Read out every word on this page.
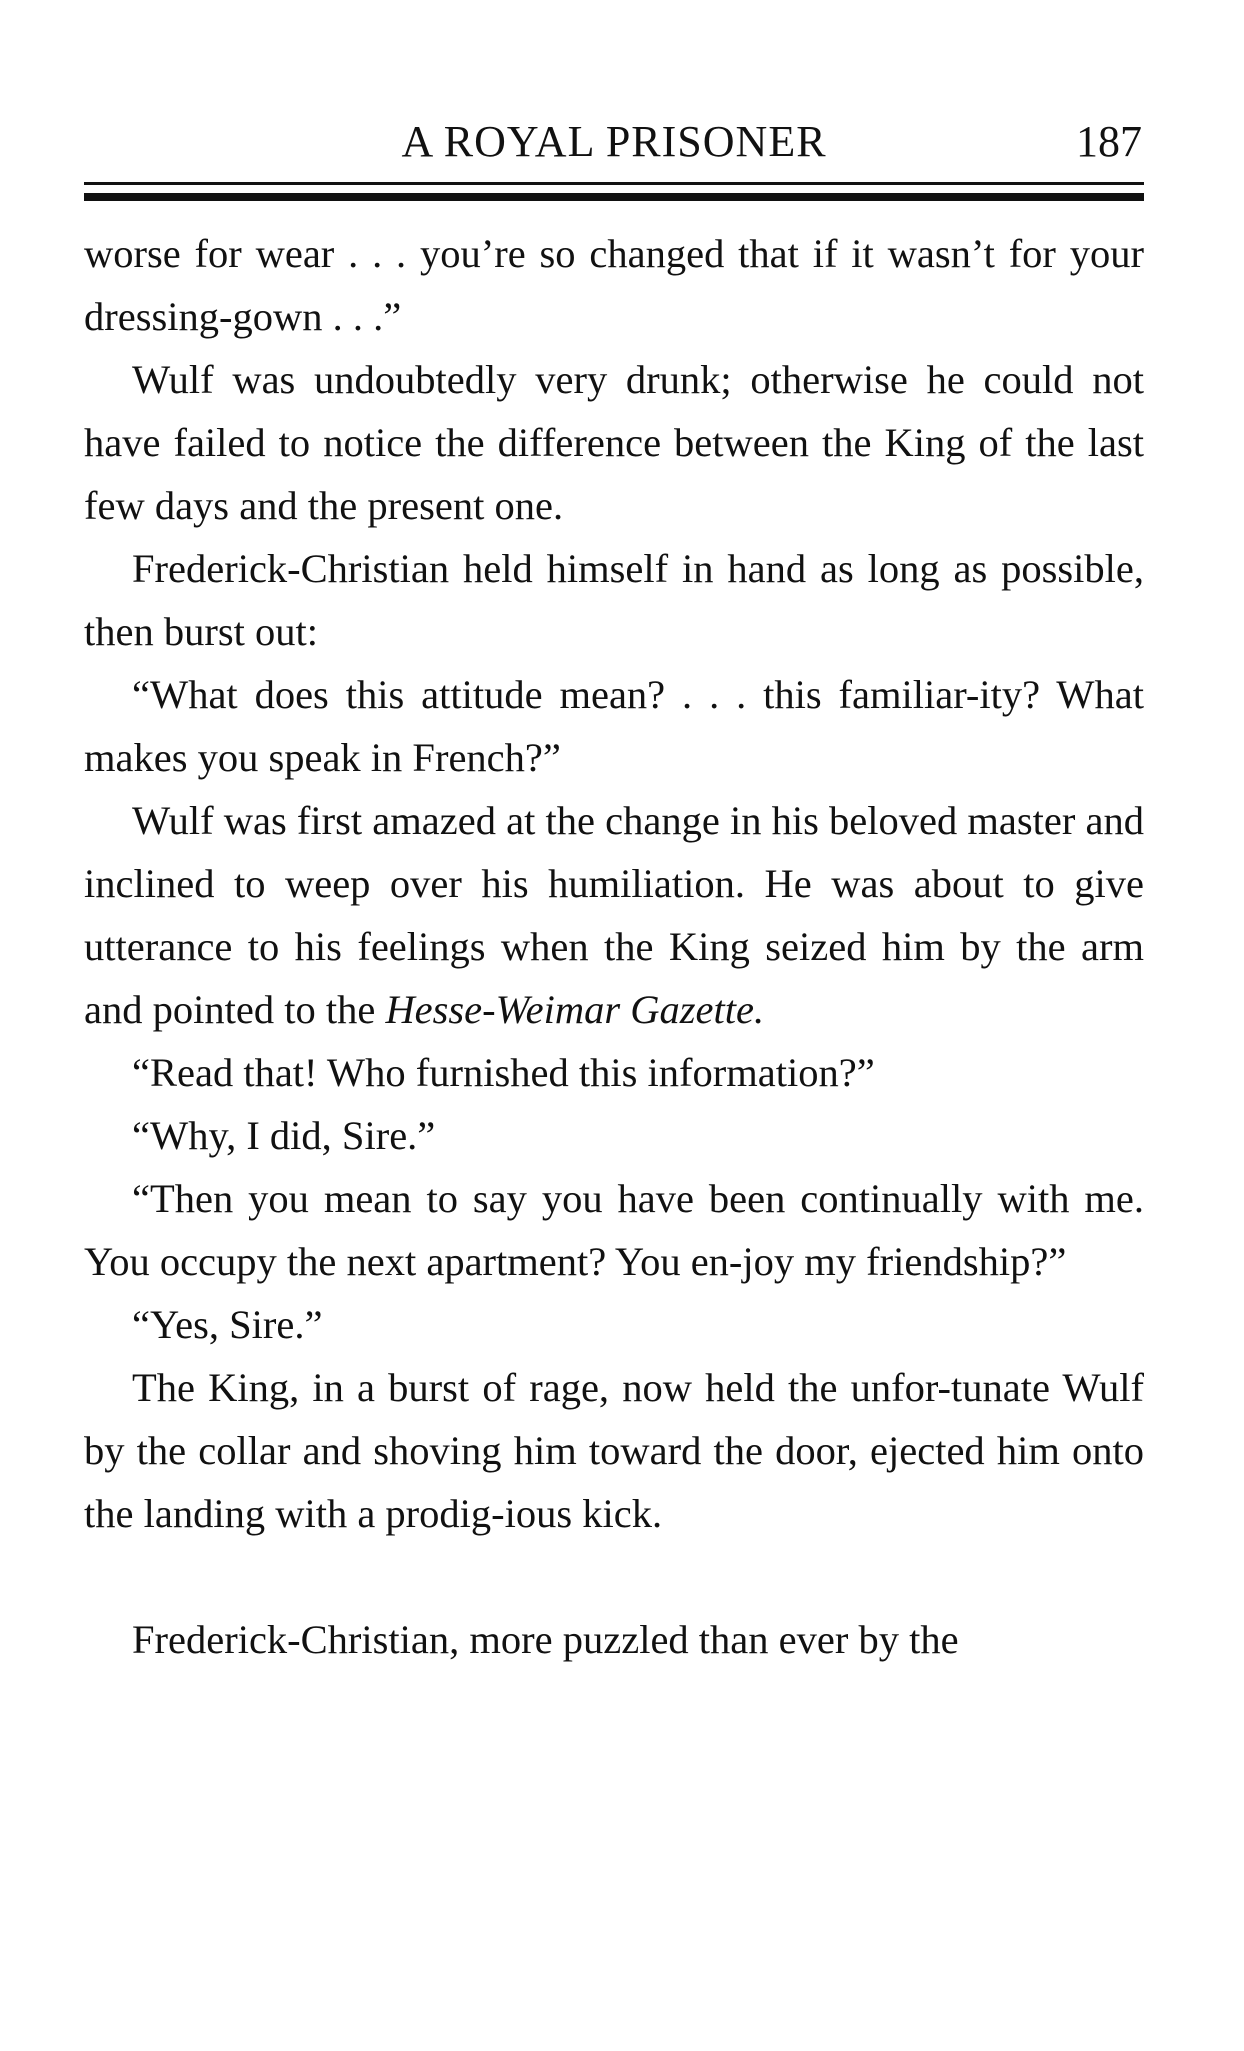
A ROYAL PRISONER	187

worse for wear . . . you’re so changed that if it wasn’t for your dressing-gown . . .”

Wulf was undoubtedly very drunk; otherwise he could not have failed to notice the difference between the King of the last few days and the present one.

Frederick-Christian held himself in hand as long as possible, then burst out:

“What does this attitude mean? . . . this familiar-ity? What makes you speak in French?”

Wulf was first amazed at the change in his beloved master and inclined to weep over his humiliation. He was about to give utterance to his feelings when the King seized him by the arm and pointed to the Hesse-Weimar Gazette.

“Read that! Who furnished this information?”

“Why, I did, Sire.”

“Then you mean to say you have been continually with me. You occupy the next apartment? You en-joy my friendship?”

“Yes, Sire.”

The King, in a burst of rage, now held the unfor-tunate Wulf by the collar and shoving him toward the door, ejected him onto the landing with a prodig-ious kick.

Frederick-Christian, more puzzled than ever by the
